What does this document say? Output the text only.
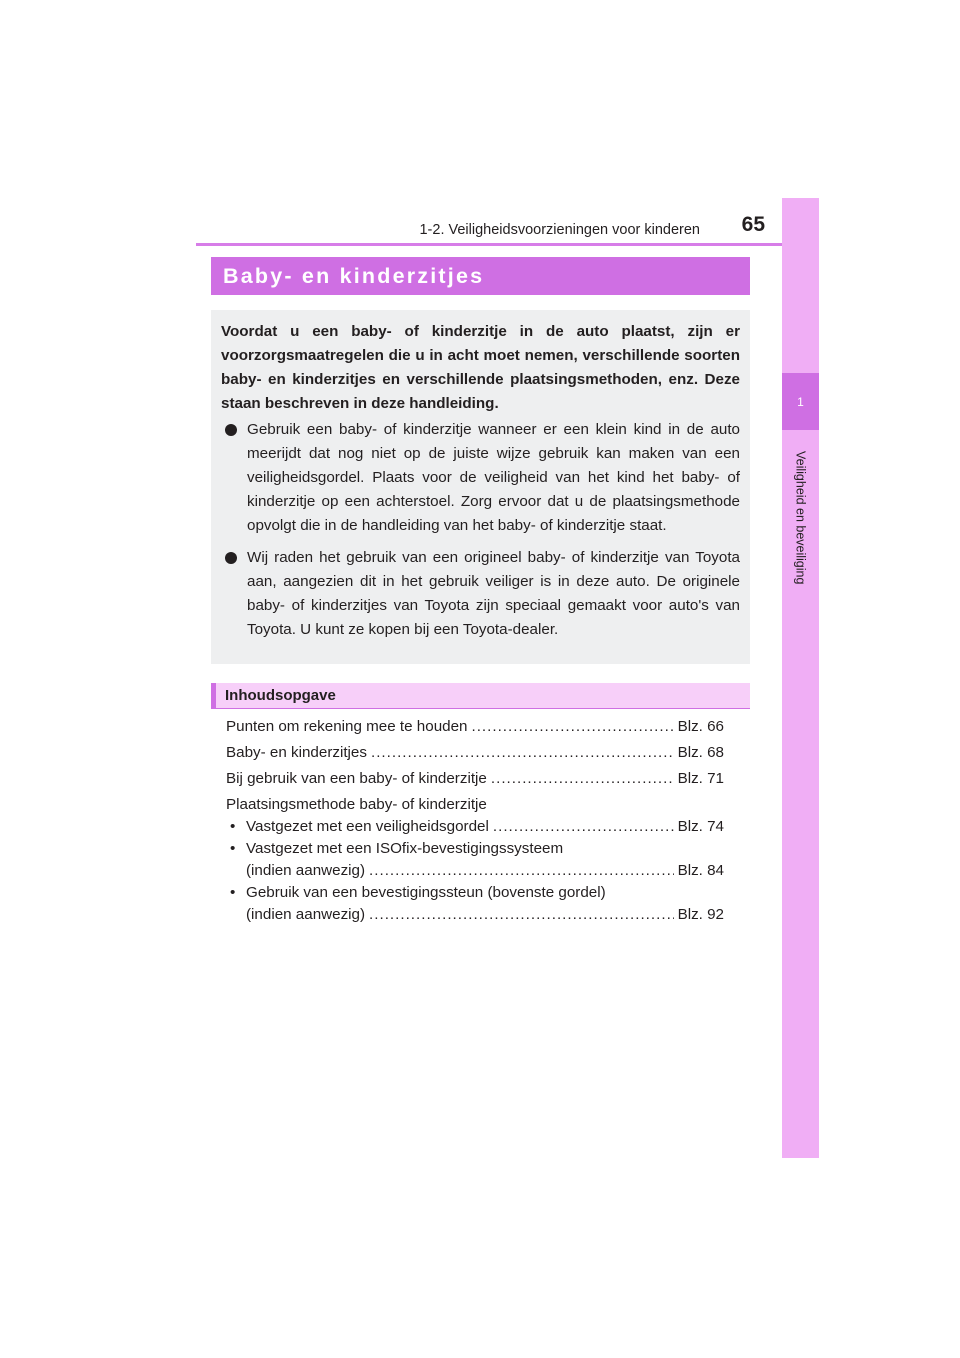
1-2. Veiligheidsvoorzieningen voor kinderen	65
1
Veiligheid en beveiliging
Baby- en kinderzitjes

Voordat u een baby- of kinderzitje in de auto plaatst, zijn er voorzorgsmaatregelen die u in acht moet nemen, verschillende soorten baby- en kinderzitjes en verschillende plaatsingsmethoden, enz. Deze staan beschreven in deze handleiding.

Gebruik een baby- of kinderzitje wanneer er een klein kind in de auto meerijdt dat nog niet op de juiste wijze gebruik kan maken van een veiligheidsgordel. Plaats voor de veiligheid van het kind het baby- of kinderzitje op een achterstoel. Zorg ervoor dat u de plaatsingsmethode opvolgt die in de handleiding van het baby- of kinderzitje staat.

Wij raden het gebruik van een origineel baby- of kinderzitje van Toyota aan, aangezien dit in het gebruik veiliger is in deze auto. De originele baby- of kinderzitjes van Toyota zijn speciaal gemaakt voor auto's van Toyota. U kunt ze kopen bij een Toyota-dealer.

Inhoudsopgave
Punten om rekening mee te houden .....	Blz. 66
Baby- en kinderzitjes .....	Blz. 68
Bij gebruik van een baby- of kinderzitje .....	Blz. 71
Plaatsingsmethode baby- of kinderzitje
• Vastgezet met een veiligheidsgordel .....	Blz. 74
• Vastgezet met een ISOfix-bevestigingssysteem
(indien aanwezig) .....	Blz. 84
• Gebruik van een bevestigingssteun (bovenste gordel)
(indien aanwezig) .....	Blz. 92
